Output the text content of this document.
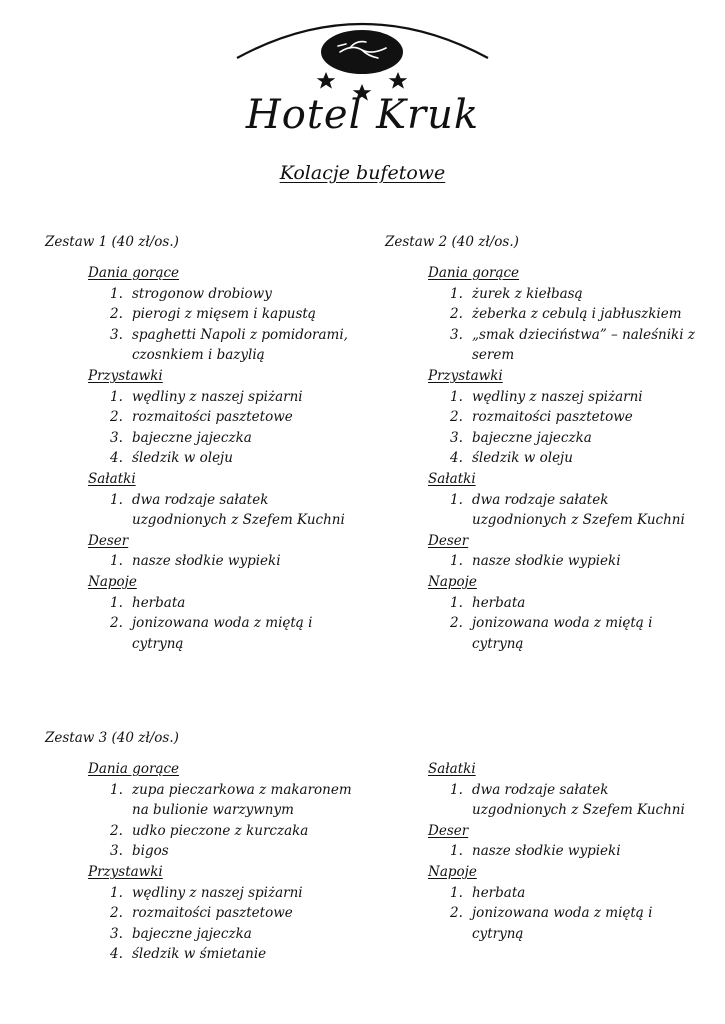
Hotel Kruk
Kolacje bufetowe
Zestaw 1 (40 zł/os.)
Dania gorące
strogonow drobiowy
pierogi z mięsem i kapustą
spaghetti Napoli z pomidorami, czosnkiem i bazylią
Przystawki
wędliny z naszej spiżarni
rozmaitości pasztetowe
bajeczne jajeczka
śledzik w oleju
Sałatki
dwa rodzaje sałatek uzgodnionych z Szefem Kuchni
Deser
nasze słodkie wypieki
Napoje
herbata
jonizowana woda z miętą i cytryną
Zestaw 2 (40 zł/os.)
Dania gorące
żurek z kiełbasą
żeberka z cebulą i jabłuszkiem
„smak dzieciństwa” – naleśniki z serem
Przystawki
wędliny z naszej spiżarni
rozmaitości pasztetowe
bajeczne jajeczka
śledzik w oleju
Sałatki
dwa rodzaje sałatek uzgodnionych z Szefem Kuchni
Deser
nasze słodkie wypieki
Napoje
herbata
jonizowana woda z miętą i cytryną
Zestaw 3 (40 zł/os.)
Dania gorące
zupa pieczarkowa z makaronem na bulionie warzywnym
udko pieczone z kurczaka
bigos
Przystawki
wędliny z naszej spiżarni
rozmaitości pasztetowe
bajeczne jajeczka
śledzik w śmietanie
Sałatki
dwa rodzaje sałatek uzgodnionych z Szefem Kuchni
Deser
nasze słodkie wypieki
Napoje
herbata
jonizowana woda z miętą i cytryną
